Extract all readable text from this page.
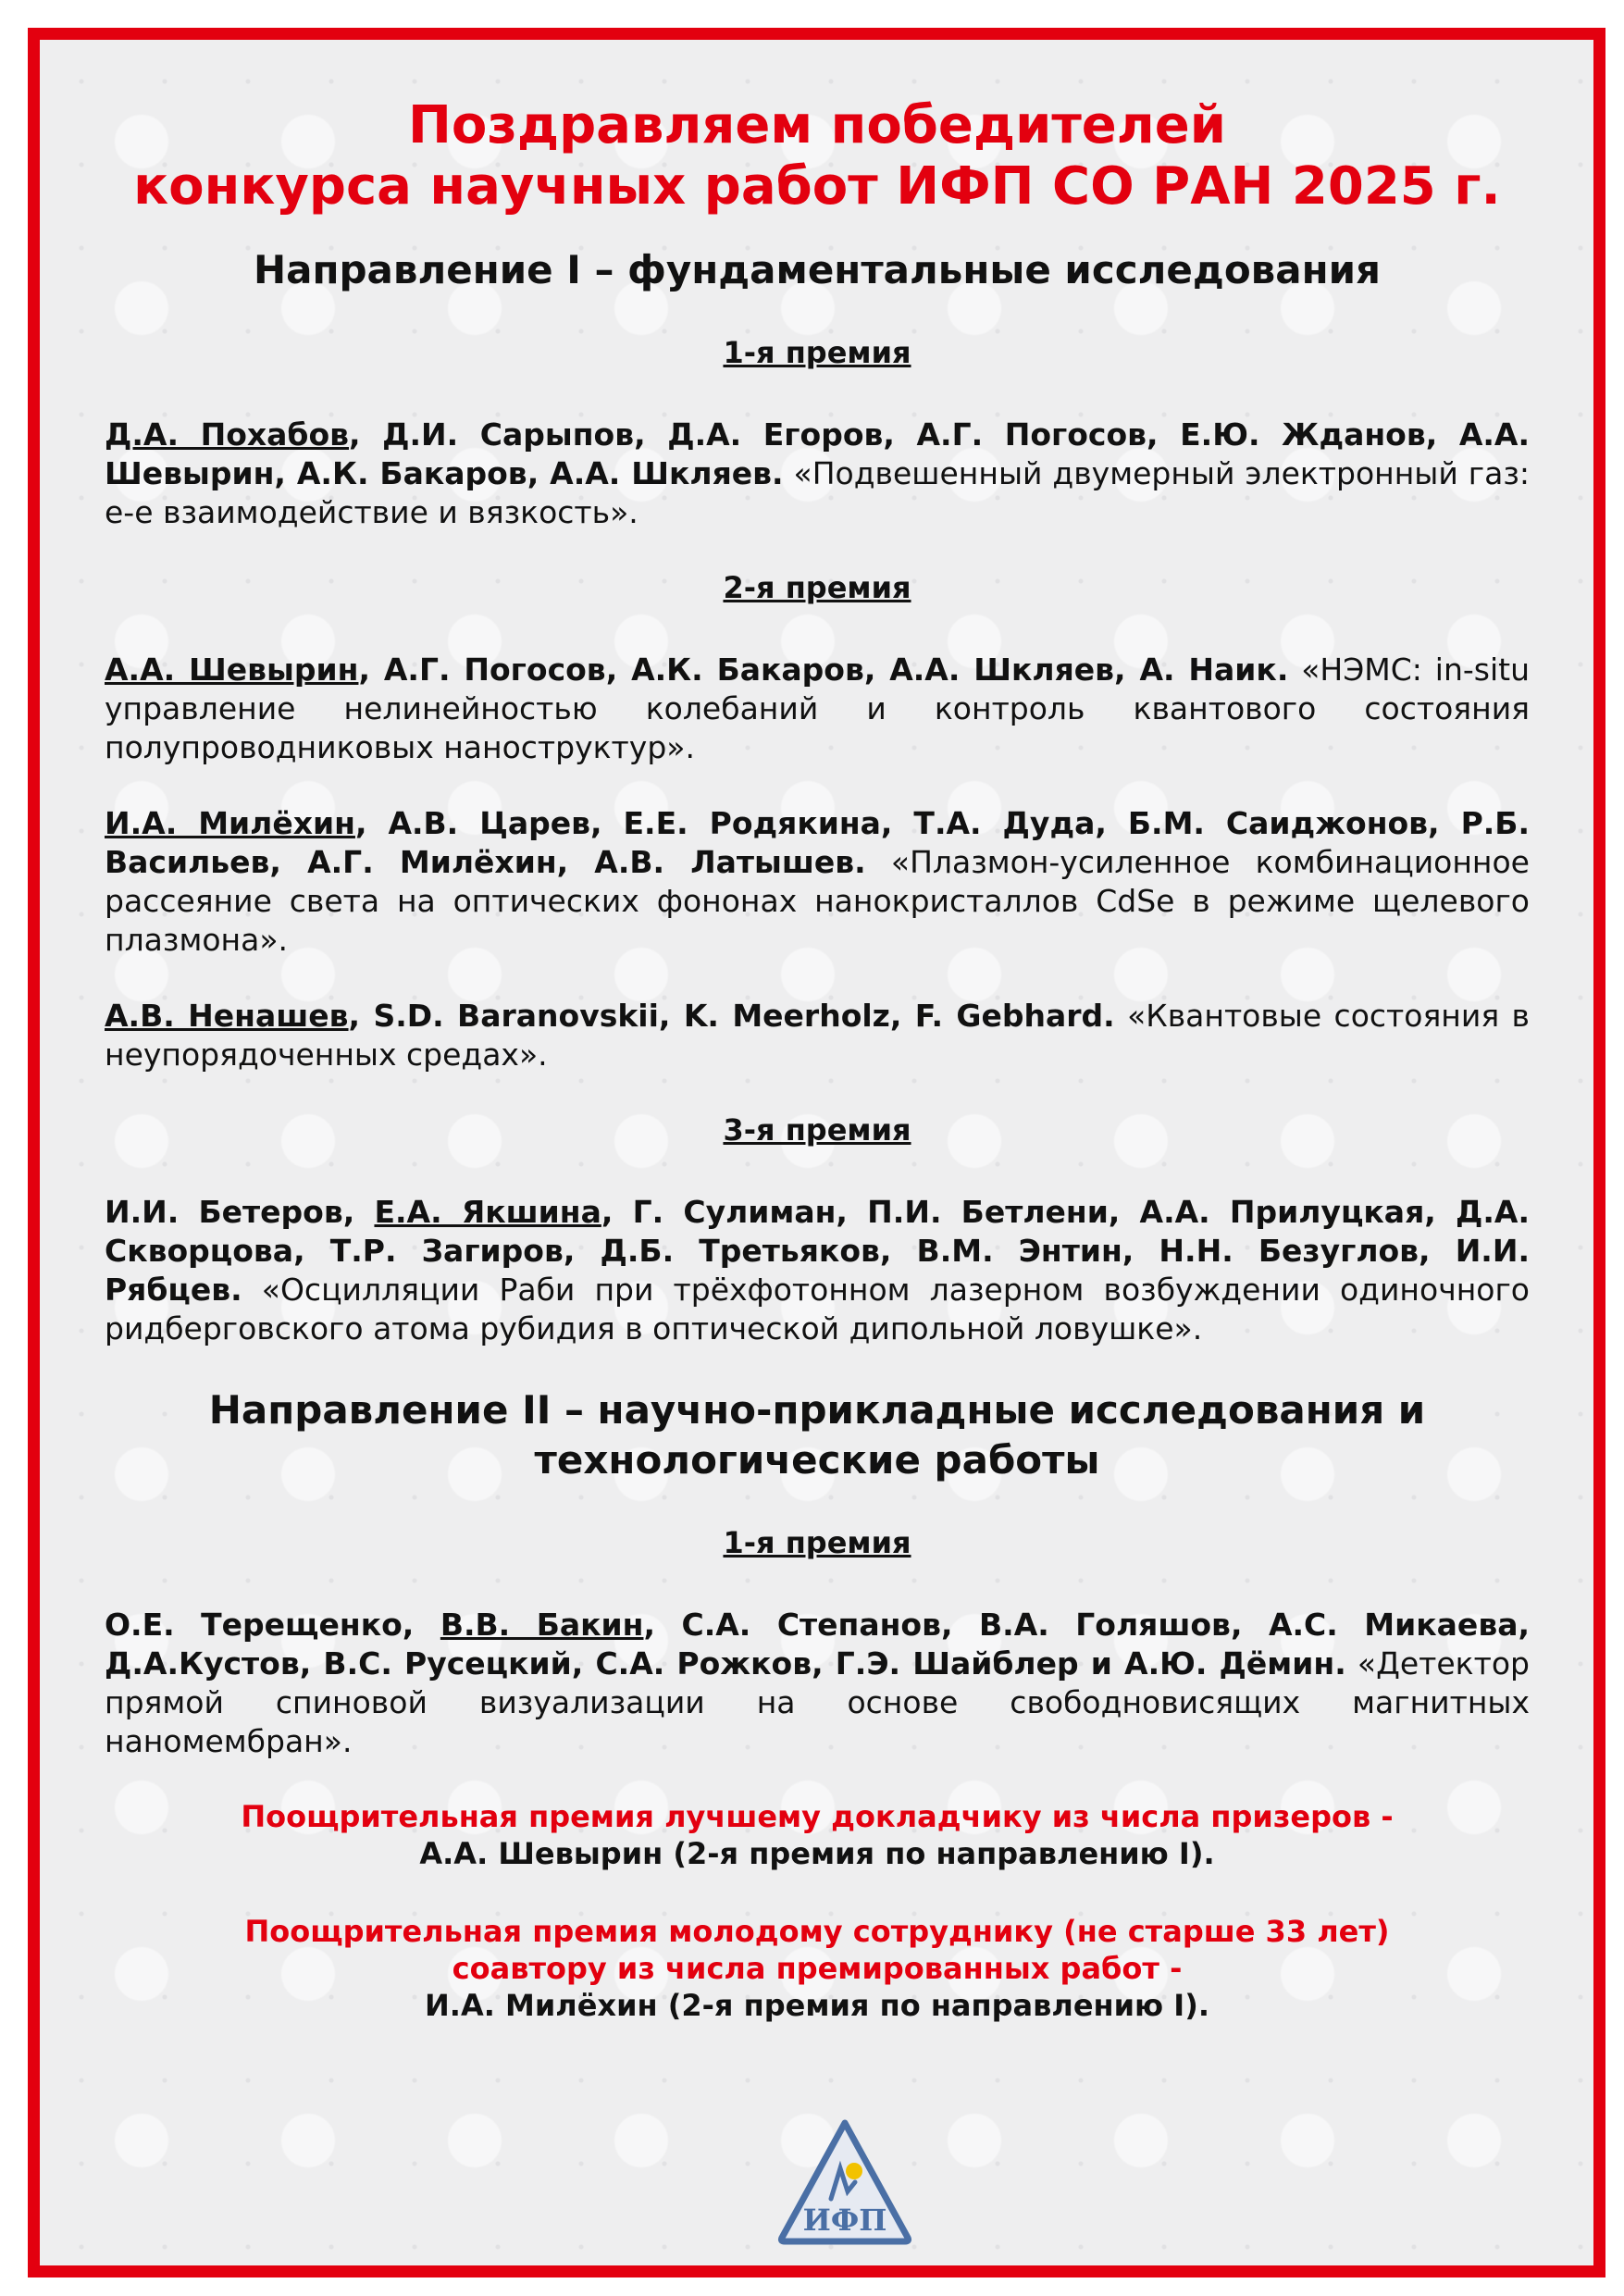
Поздравляем победителей
конкурса научных работ ИФП СО РАН 2025 г.
Направление I – фундаментальные исследования
1-я премия

Д.А. Похабов, Д.И. Сарыпов, Д.А. Егоров, А.Г. Погосов, Е.Ю. Жданов, А.А. Шевырин, А.К. Бакаров, А.А. Шкляев. «Подвешенный двумерный электронный газ: е-е взаимодействие и вязкость».

2-я премия

А.А. Шевырин, А.Г. Погосов, А.К. Бакаров, А.А. Шкляев, А. Наик. «НЭМС: in-situ управление нелинейностью колебаний и контроль квантового состояния полупроводниковых наноструктур».

И.А. Милёхин, А.В. Царев, Е.Е. Родякина, Т.А. Дуда, Б.М. Саиджонов, Р.Б. Васильев, А.Г. Милёхин, А.В. Латышев. «Плазмон-усиленное комбинационное рассеяние света на оптических фононах нанокристаллов CdSe в режиме щелевого плазмона».

А.В. Ненашев, S.D. Baranovskii, K. Meerholz, F. Gebhard. «Квантовые состояния в неупорядоченных средах».

3-я премия

И.И. Бетеров, Е.А. Якшина, Г. Сулиман, П.И. Бетлени, А.А. Прилуцкая, Д.А. Скворцова, Т.Р. Загиров, Д.Б. Третьяков, В.М. Энтин, Н.Н. Безуглов, И.И. Рябцев. «Осцилляции Раби при трёхфотонном лазерном возбуждении одиночного ридберговского атома рубидия в оптической дипольной ловушке».

Направление II – научно-прикладные исследования и технологические работы
1-я премия

О.Е. Терещенко, В.В. Бакин, С.А. Степанов, В.А. Голяшов, А.С. Микаева, Д.А.Кустов, В.С. Русецкий, С.А. Рожков, Г.Э. Шайблер и А.Ю. Дёмин. «Детектор прямой спиновой визуализации на основе свободновисящих магнитных наномембран».

Поощрительная премия лучшему докладчику из числа призеров -
А.А. Шевырин (2-я премия по направлению I).
Поощрительная премия молодому сотруднику (не старше 33 лет)
соавтору из числа премированных работ -
И.А. Милёхин (2-я премия по направлению I).
ИФП
